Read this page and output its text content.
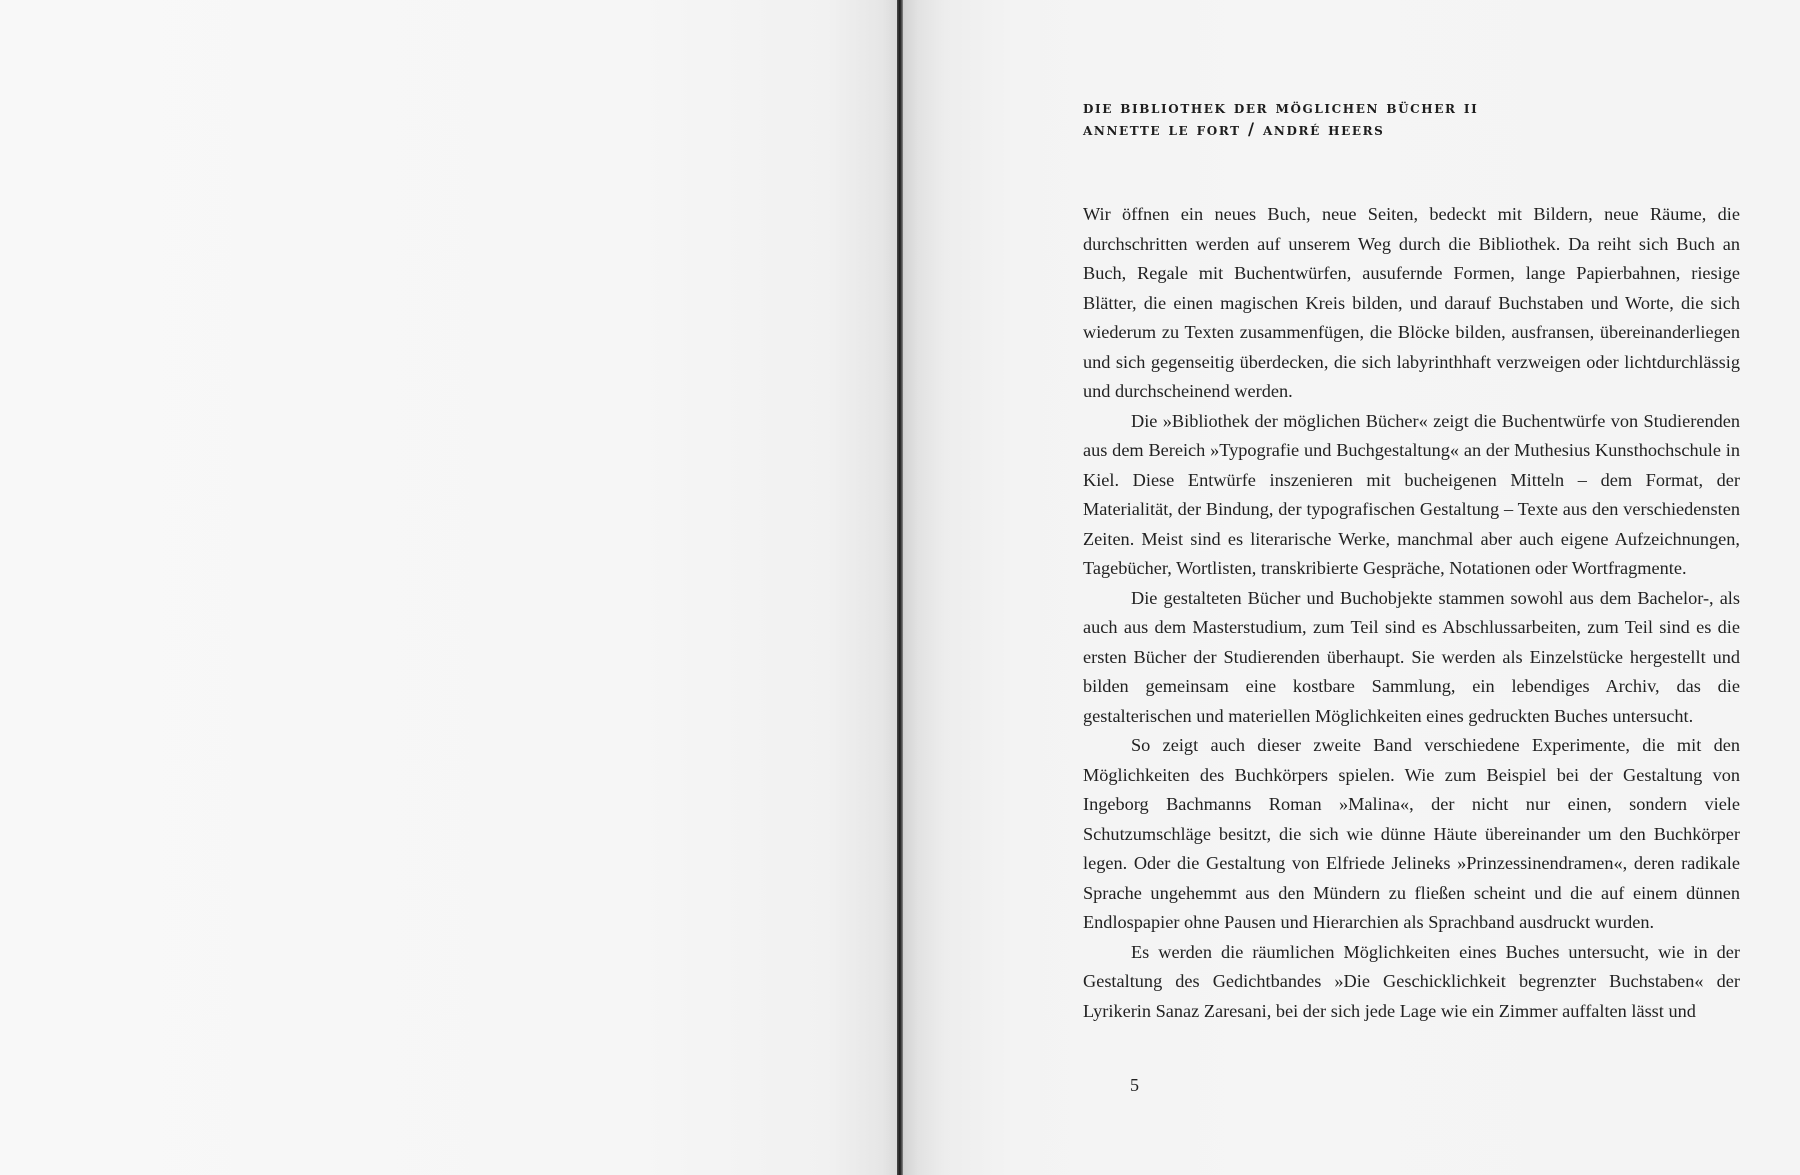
die bibliothek der möglichen bücher ii
annette le fort / andré heers

Wir öffnen ein neues Buch, neue Seiten, bedeckt mit Bildern, neue Räume, die durchschritten werden auf unserem Weg durch die Bibliothek. Da reiht sich Buch an Buch, Regale mit Buchentwürfen, ausufernde Formen, lange Papierbahnen, riesige Blätter, die einen magischen Kreis bilden, und darauf Buchstaben und Worte, die sich wiederum zu Texten zusammenfügen, die Blöcke bilden, ausfransen, übereinanderliegen und sich gegenseitig überdecken, die sich labyrinthhaft verzweigen oder lichtdurchlässig und durchscheinend werden.

Die »Bibliothek der möglichen Bücher« zeigt die Buchentwürfe von Studierenden aus dem Bereich »Typografie und Buchgestaltung« an der Muthesius Kunsthochschule in Kiel. Diese Entwürfe inszenieren mit bucheigenen Mitteln – dem Format, der Materialität, der Bindung, der typografischen Gestaltung – Texte aus den verschiedensten Zeiten. Meist sind es literarische Werke, manchmal aber auch eigene Aufzeichnungen, Tagebücher, Wortlisten, transkribierte Gespräche, Notationen oder Wortfragmente.

Die gestalteten Bücher und Buchobjekte stammen sowohl aus dem Bachelor-, als auch aus dem Masterstudium, zum Teil sind es Abschlussarbeiten, zum Teil sind es die ersten Bücher der Studierenden überhaupt. Sie werden als Einzelstücke hergestellt und bilden gemeinsam eine kostbare Sammlung, ein lebendiges Archiv, das die gestalterischen und materiellen Möglichkeiten eines gedruckten Buches untersucht.

So zeigt auch dieser zweite Band verschiedene Experimente, die mit den Möglichkeiten des Buchkörpers spielen. Wie zum Beispiel bei der Gestaltung von Ingeborg Bachmanns Roman »Malina«, der nicht nur einen, sondern viele Schutzumschläge besitzt, die sich wie dünne Häute übereinander um den Buchkörper legen. Oder die Gestaltung von Elfriede Jelineks »Prinzessinendramen«, deren radikale Sprache ungehemmt aus den Mündern zu fließen scheint und die auf einem dünnen Endlospapier ohne Pausen und Hierarchien als Sprachband ausdruckt wurden.

Es werden die räumlichen Möglichkeiten eines Buches untersucht, wie in der Gestaltung des Gedichtbandes »Die Geschicklichkeit begrenzter Buchstaben« der Lyrikerin Sanaz Zaresani, bei der sich jede Lage wie ein Zimmer auffalten lässt und

5
